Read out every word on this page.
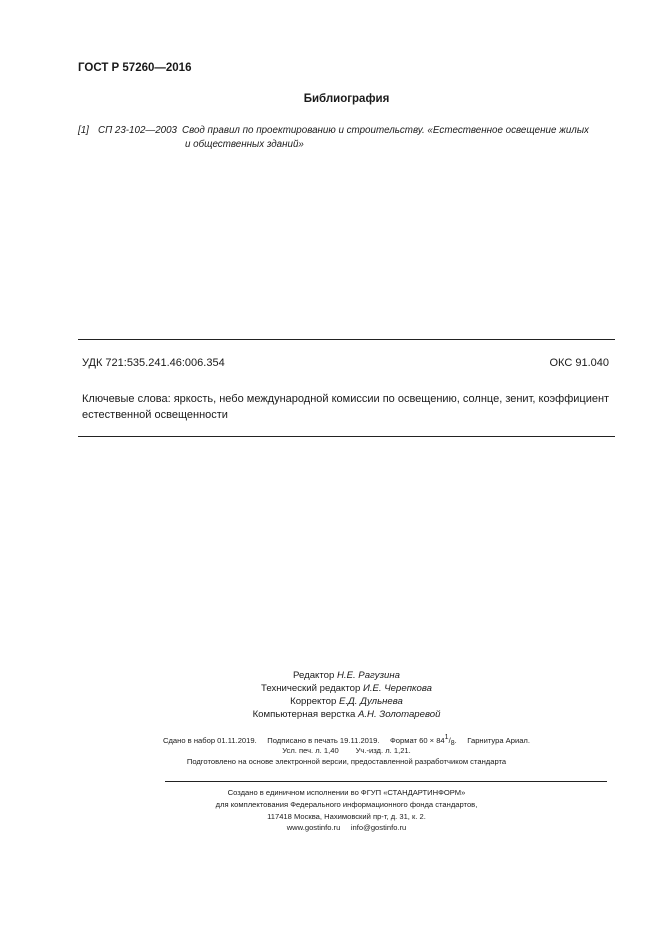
ГОСТ Р 57260—2016
Библиография
[1] СП 23-102—2003 Свод правил по проектированию и строительству. «Естественное освещение жилых
и общественных зданий»
УДК 721:535.241.46:006.354	ОКС 91.040
Ключевые слова: яркость, небо международной комиссии по освещению, солнце, зенит, коэффициент естественной освещенности
Редактор Н.Е. Рагузина
Технический редактор И.Е. Черепкова
Корректор Е.Д. Дульнева
Компьютерная верстка А.Н. Золотаревой
Сдано в набор 01.11.2019. Подписано в печать 19.11.2019. Формат 60 × 841/8. Гарнитура Ариал.
Усл. печ. л. 1,40 Уч.-изд. л. 1,21.
Подготовлено на основе электронной версии, предоставленной разработчиком стандарта
Создано в единичном исполнении во ФГУП «СТАНДАРТИНФОРМ»
для комплектования Федерального информационного фонда стандартов,
117418 Москва, Нахимовский пр-т, д. 31, к. 2.
www.gostinfo.ru info@gostinfo.ru
